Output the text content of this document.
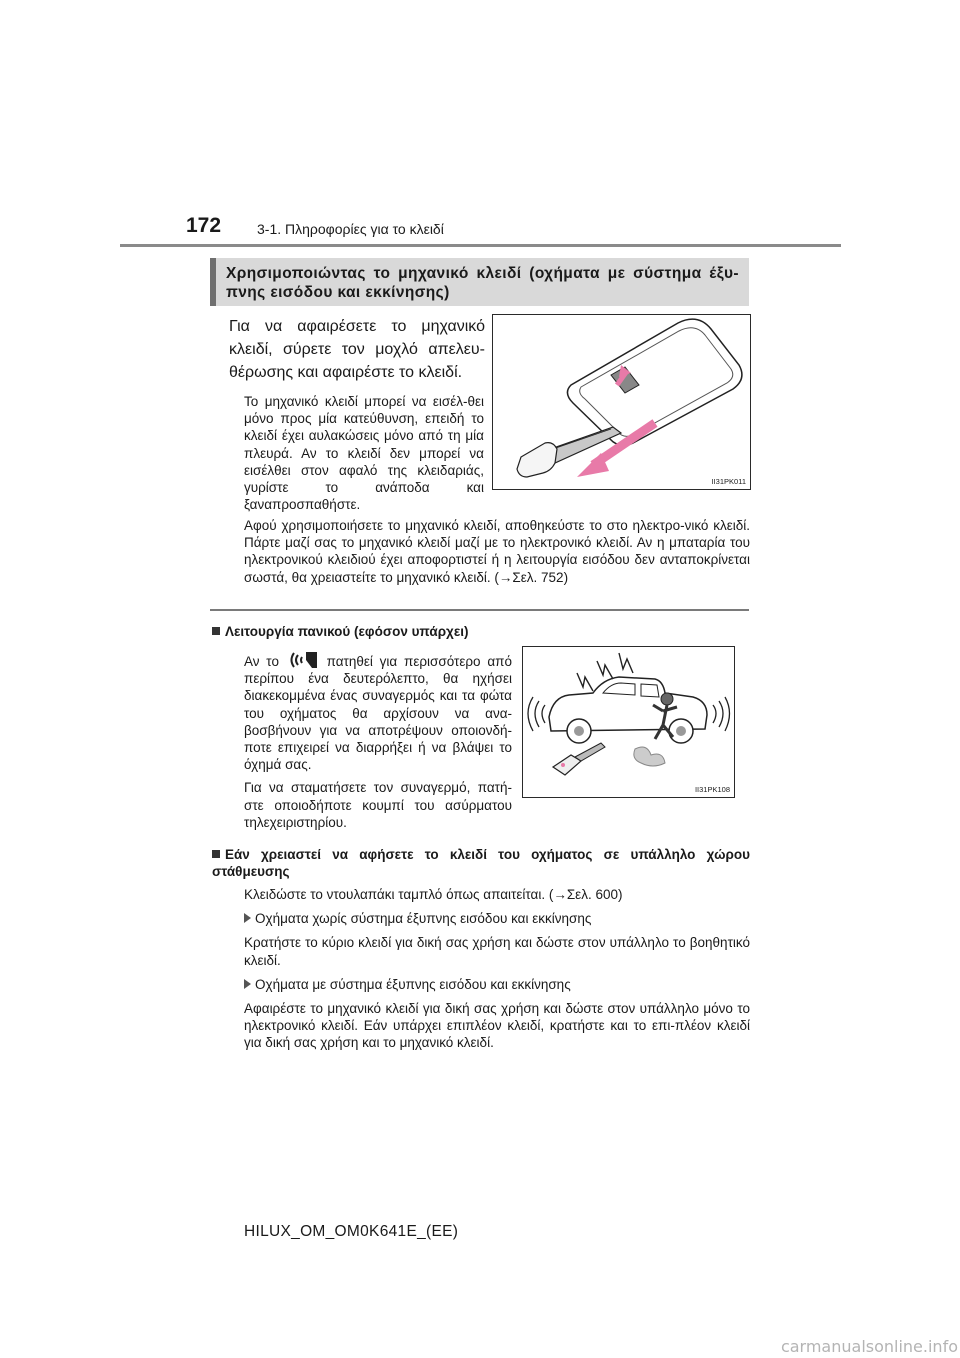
172	3-1. Πληροφορίες για το κλειδί
Χρησιμοποιώντας το μηχανικό κλειδί (οχήματα με σύστημα έξυ-πνης εισόδου και εκκίνησης)
Για να αφαιρέσετε το μηχανικό κλειδί, σύρετε τον μοχλό απελευ-θέρωσης και αφαιρέστε το κλειδί.
Το μηχανικό κλειδί μπορεί να εισέλ-θει μόνο προς μία κατεύθυνση, επειδή το κλειδί έχει αυλακώσεις μόνο από τη μία πλευρά. Αν το κλειδί δεν μπορεί να εισέλθει στον αφαλό της κλειδαριάς, γυρίστε το ανάποδα και ξαναπροσπαθήστε.
II31PK011
Αφού χρησιμοποιήσετε το μηχανικό κλειδί, αποθηκεύστε το στο ηλεκτρο-νικό κλειδί. Πάρτε μαζί σας το μηχανικό κλειδί μαζί με το ηλεκτρονικό κλειδί. Αν η μπαταρία του ηλεκτρονικού κλειδιού έχει αποφορτιστεί ή η λειτουργία εισόδου δεν ανταποκρίνεται σωστά, θα χρειαστείτε το μηχανικό κλειδί. (→Σελ. 752)
Λειτουργία πανικού (εφόσον υπάρχει)

Αν το	πατηθεί για περισσότερο από περίπου ένα δευτερόλεπτο, θα ηχήσει διακεκομμένα ένας συναγερμός και τα φώτα του οχήματος θα αρχίσουν να ανα-βοσβήνουν για να αποτρέψουν οποιονδή-ποτε επιχειρεί να διαρρήξει ή να βλάψει το όχημά σας.

Για να σταματήσετε τον συναγερμό, πατή-στε οποιοδήποτε κουμπί του ασύρματου τηλεχειριστηρίου.

II31PK108
Εάν χρειαστεί να αφήσετε το κλειδί του οχήματος σε υπάλληλο χώρου στάθμευσης

Κλειδώστε το ντουλαπάκι ταμπλό όπως απαιτείται. (→Σελ. 600)

Οχήματα χωρίς σύστημα έξυπνης εισόδου και εκκίνησης

Κρατήστε το κύριο κλειδί για δική σας χρήση και δώστε στον υπάλληλο το βοηθητικό κλειδί.

Οχήματα με σύστημα έξυπνης εισόδου και εκκίνησης

Αφαιρέστε το μηχανικό κλειδί για δική σας χρήση και δώστε στον υπάλληλο μόνο το ηλεκτρονικό κλειδί. Εάν υπάρχει επιπλέον κλειδί, κρατήστε και το επι-πλέον κλειδί για δική σας χρήση και το μηχανικό κλειδί.

HILUX_OM_OM0K641E_(EE)
carmanualsonline.info
